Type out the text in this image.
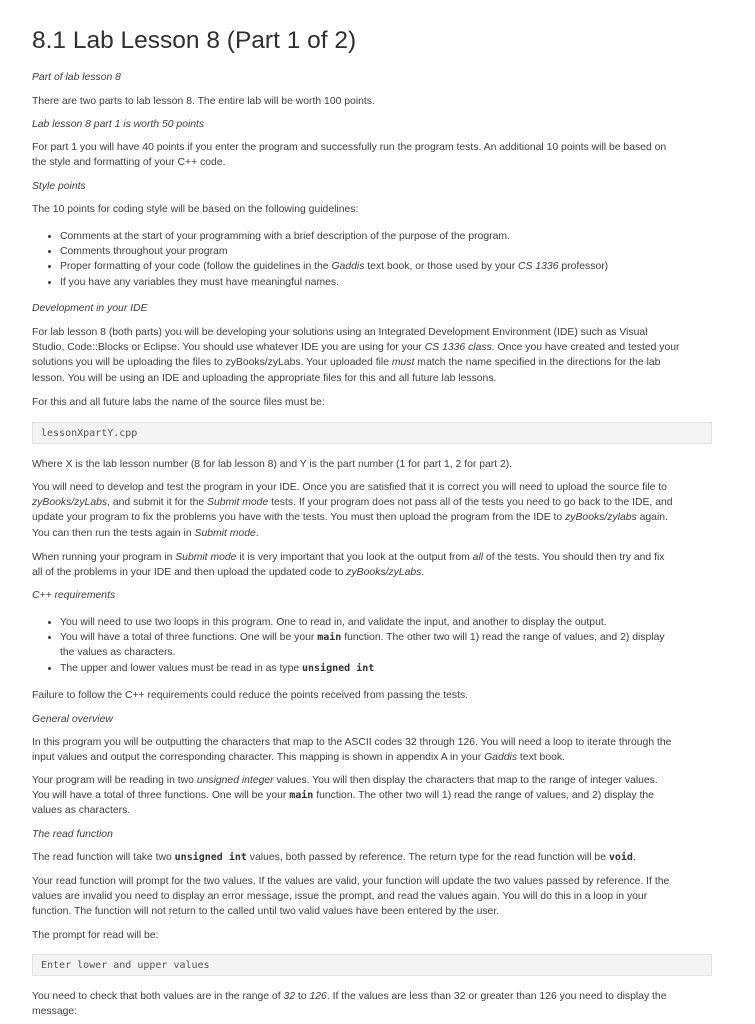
8.1 Lab Lesson 8 (Part 1 of 2)

Part of lab lesson 8

There are two parts to lab lesson 8. The entire lab will be worth 100 points.

Lab lesson 8 part 1 is worth 50 points

For part 1 you will have 40 points if you enter the program and successfully run the program tests. An additional 10 points will be based on
the style and formatting of your C++ code.

Style points

The 10 points for coding style will be based on the following guidelines:

• Comments at the start of your programming with a brief description of the purpose of the program.
• Comments throughout your program
• Proper formatting of your code (follow the guidelines in the Gaddis text book, or those used by your CS 1336 professor)
• If you have any variables they must have meaningful names.

Development in your IDE

For lab lesson 8 (both parts) you will be developing your solutions using an Integrated Development Environment (IDE) such as Visual
Studio, Code::Blocks or Eclipse. You should use whatever IDE you are using for your CS 1336 class. Once you have created and tested your
solutions you will be uploading the files to zyBooks/zyLabs. Your uploaded file must match the name specified in the directions for the lab
lesson. You will be using an IDE and uploading the appropriate files for this and all future lab lessons.

For this and all future labs the name of the source files must be:

lessonXpartY.cpp

Where X is the lab lesson number (8 for lab lesson 8) and Y is the part number (1 for part 1, 2 for part 2).

You will need to develop and test the program in your IDE. Once you are satisfied that it is correct you will need to upload the source file to
zyBooks/zyLabs, and submit it for the Submit mode tests. If your program does not pass all of the tests you need to go back to the IDE, and
update your program to fix the problems you have with the tests. You must then upload the program from the IDE to zyBooks/zylabs again.
You can then run the tests again in Submit mode.

When running your program in Submit mode it is very important that you look at the output from all of the tests. You should then try and fix
all of the problems in your IDE and then upload the updated code to zyBooks/zyLabs.

C++ requirements

• You will need to use two loops in this program. One to read in, and validate the input, and another to display the output.
• You will have a total of three functions. One will be your main function. The other two will 1) read the range of values, and 2) display
the values as characters.
• The upper and lower values must be read in as type unsigned int

Failure to follow the C++ requirements could reduce the points received from passing the tests.

General overview

In this program you will be outputting the characters that map to the ASCII codes 32 through 126. You will need a loop to iterate through the
input values and output the corresponding character. This mapping is shown in appendix A in your Gaddis text book.

Your program will be reading in two unsigned integer values. You will then display the characters that map to the range of integer values.
You will have a total of three functions. One will be your main function. The other two will 1) read the range of values, and 2) display the
values as characters.

The read function

The read function will take two unsigned int values, both passed by reference. The return type for the read function will be void.

Your read function will prompt for the two values. If the values are valid, your function will update the two values passed by reference. If the
values are invalid you need to display an error message, issue the prompt, and read the values again. You will do this in a loop in your
function. The function will not return to the called until two valid values have been entered by the user.

The prompt for read will be:

Enter lower and upper values

You need to check that both values are in the range of 32 to 126. If the values are less than 32 or greater than 126 you need to display the
message:
